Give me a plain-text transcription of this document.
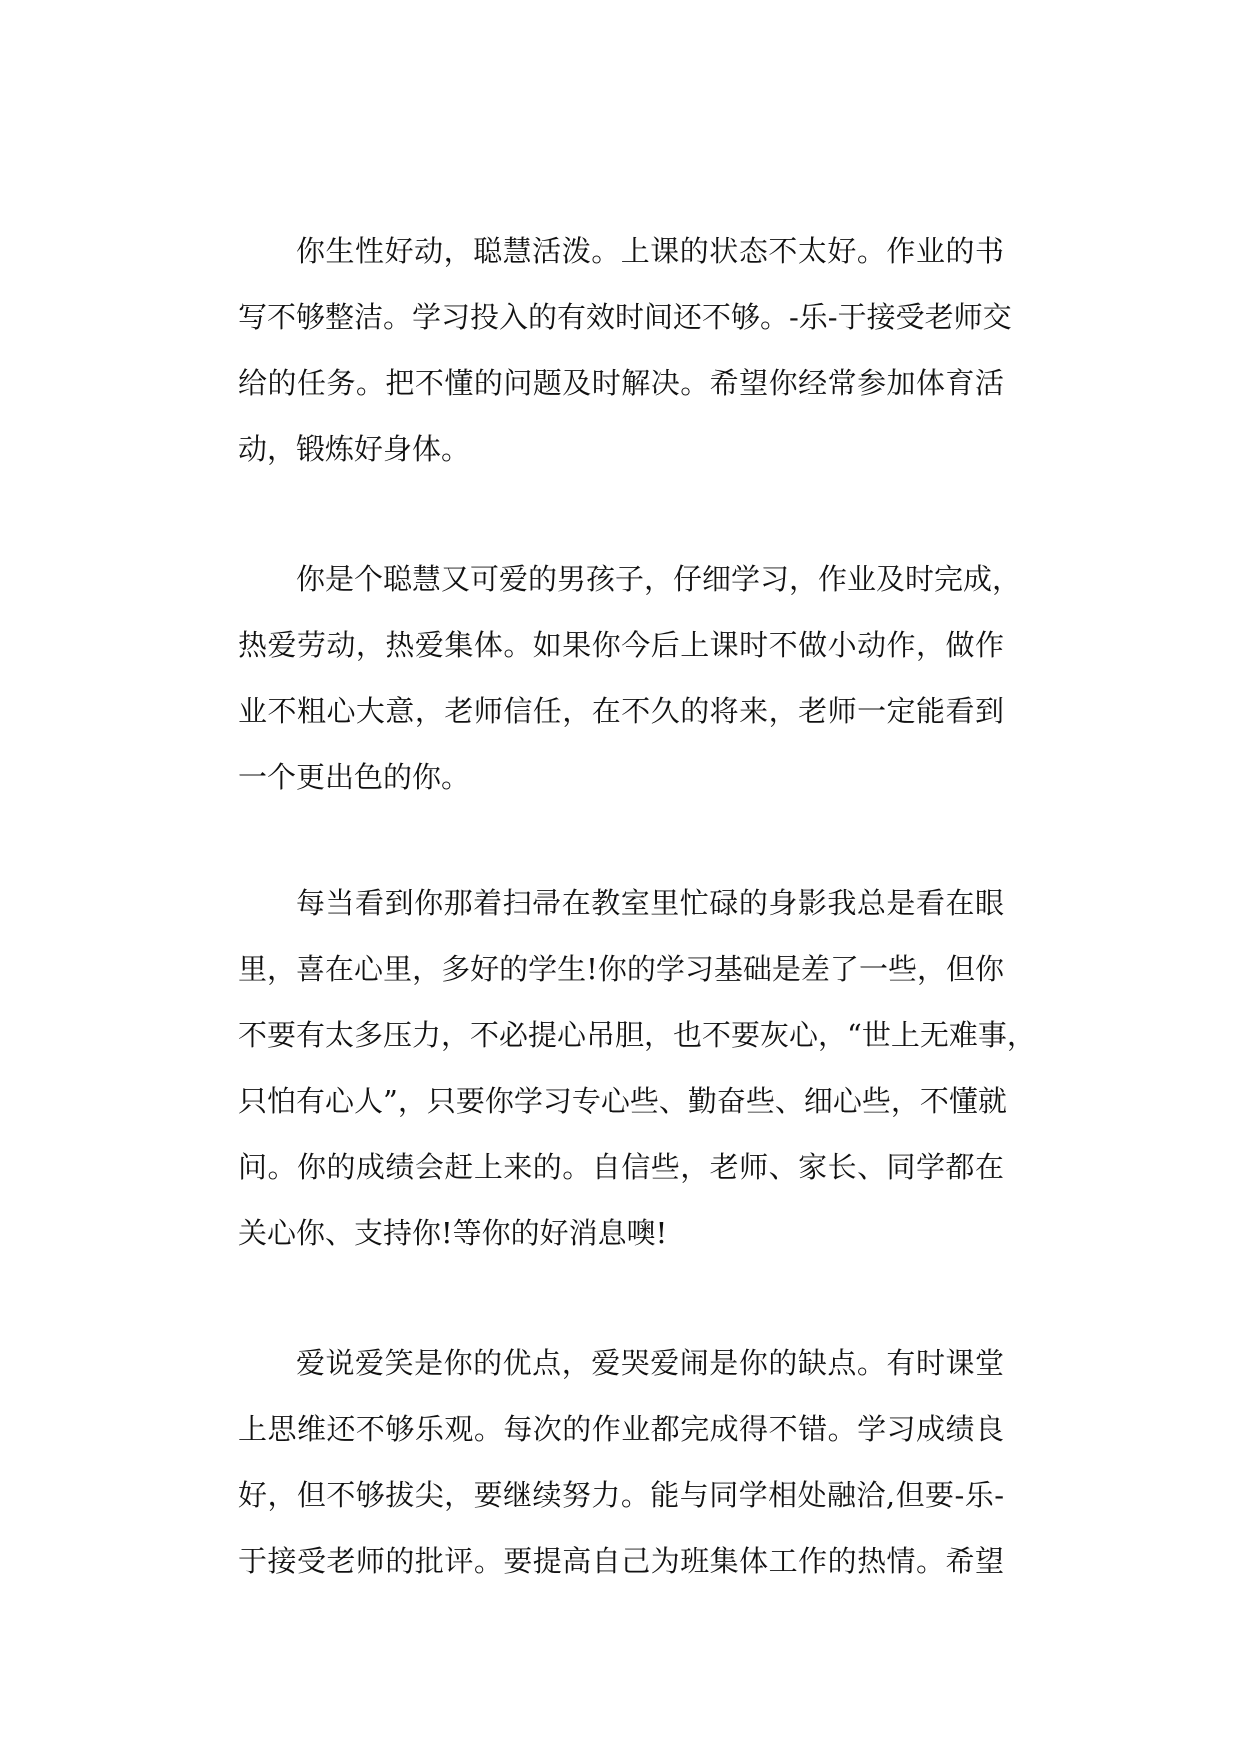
你生性好动，聪慧活泼。上课的状态不太好。作业的书
写不够整洁。学习投入的有效时间还不够。-乐-于接受老师交
给的任务。把不懂的问题及时解决。希望你经常参加体育活
动，锻炼好身体。
你是个聪慧又可爱的男孩子，仔细学习，作业及时完成，
热爱劳动，热爱集体。如果你今后上课时不做小动作，做作
业不粗心大意，老师信任，在不久的将来，老师一定能看到
一个更出色的你。
每当看到你那着扫帚在教室里忙碌的身影我总是看在眼
里，喜在心里，多好的学生!你的学习基础是差了一些，但你
不要有太多压力，不必提心吊胆，也不要灰心，“世上无难事，
只怕有心人”，只要你学习专心些、勤奋些、细心些，不懂就
问。你的成绩会赶上来的。自信些，老师、家长、同学都在
关心你、支持你!等你的好消息噢!
爱说爱笑是你的优点，爱哭爱闹是你的缺点。有时课堂
上思维还不够乐观。每次的作业都完成得不错。学习成绩良
好，但不够拔尖，要继续努力。能与同学相处融洽,但要-乐-
于接受老师的批评。要提高自己为班集体工作的热情。希望
